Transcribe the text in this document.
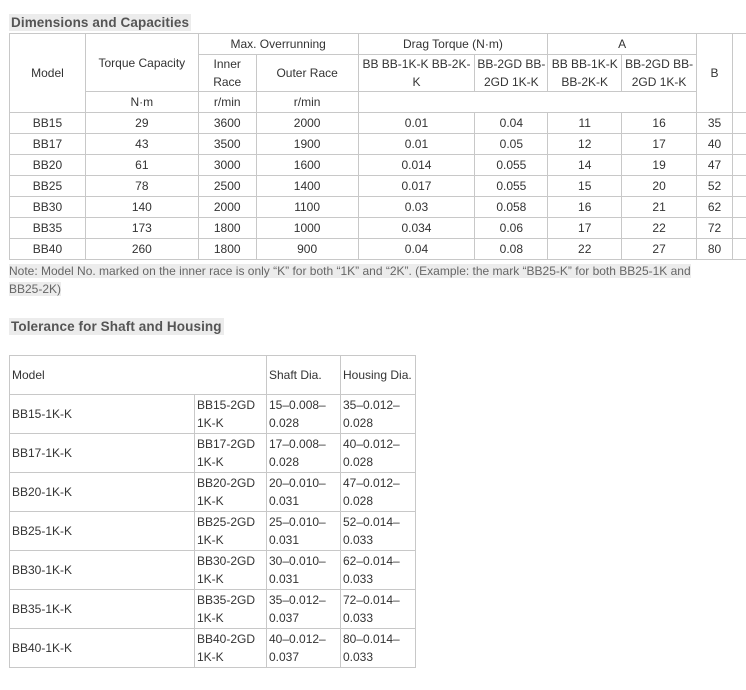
Dimensions and Capacities
Model	Torque Capacity	Max. Overrunning		Drag Torque (N·m)		A		B	
		Inner Race	Outer Race	BB BB-1K-K BB-2K-K	BB-2GD BB-2GD 1K-K	BB BB-1K-K BB-2K-K	BB-2GD BB-2GD 1K-K		
	N·m	r/min	r/min						
BB15	29	3600	2000	0.01	0.04	11	16	35	
BB17	43	3500	1900	0.01	0.05	12	17	40	
BB20	61	3000	1600	0.014	0.055	14	19	47	
BB25	78	2500	1400	0.017	0.055	15	20	52	
BB30	140	2000	1100	0.03	0.058	16	21	62	
BB35	173	1800	1000	0.034	0.06	17	22	72	
BB40	260	1800	900	0.04	0.08	22	27	80	
Note: Model No. marked on the inner race is only “K” for both “1K” and “2K”. (Example: the mark “BB25-K” for both BB25-1K and BB25-2K)
Tolerance for Shaft and Housing
Model		Shaft Dia.	Housing Dia.
BB15-1K-K	BB15-2GD 1K-K	15–0.008–0.028	35–0.012–0.028
BB17-1K-K	BB17-2GD 1K-K	17–0.008–0.028	40–0.012–0.028
BB20-1K-K	BB20-2GD 1K-K	20–0.010–0.031	47–0.012–0.028
BB25-1K-K	BB25-2GD 1K-K	25–0.010–0.031	52–0.014–0.033
BB30-1K-K	BB30-2GD 1K-K	30–0.010–0.031	62–0.014–0.033
BB35-1K-K	BB35-2GD 1K-K	35–0.012–0.037	72–0.014–0.033
BB40-1K-K	BB40-2GD 1K-K	40–0.012–0.037	80–0.014–0.033
